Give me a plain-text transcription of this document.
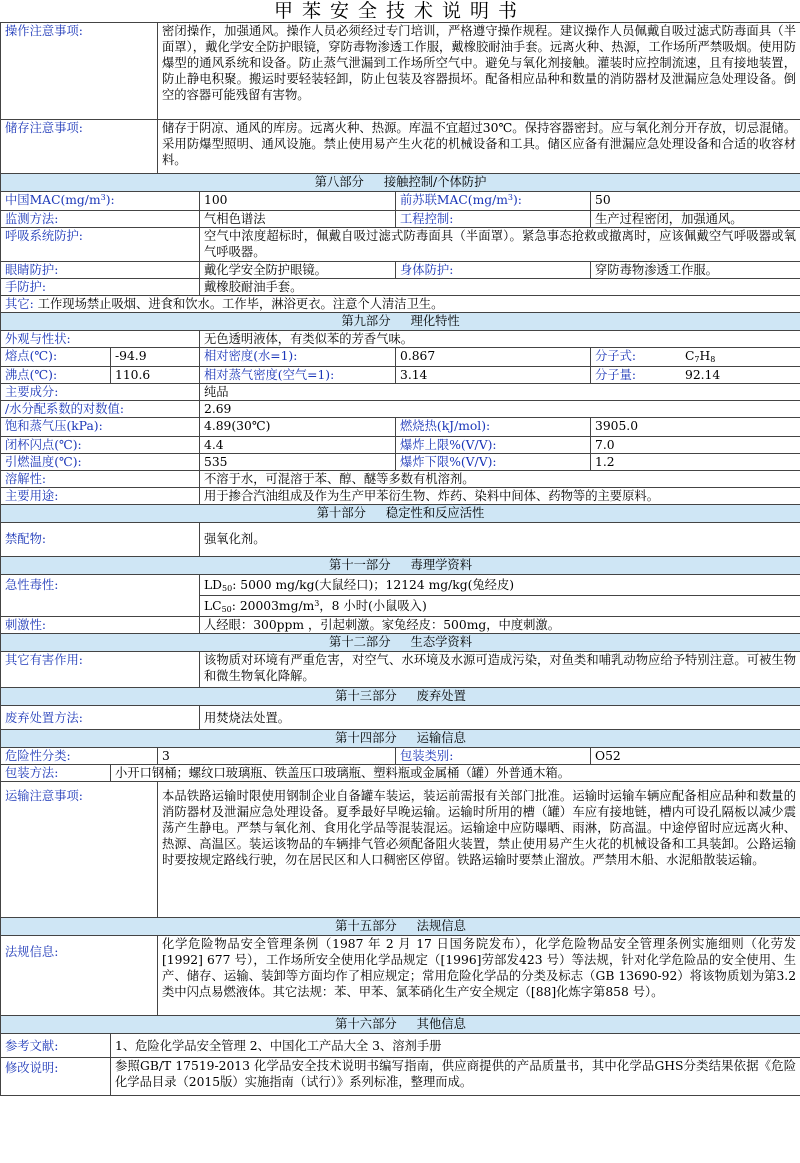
甲苯安全技术说明书
操作注意事项:		密闭操作，加强通风。操作人员必须经过专门培训，严格遵守操作规程。建议操作人员佩戴自吸过滤式防毒面具（半面罩），戴化学安全防护眼镜，穿防毒物渗透工作服，戴橡胶耐油手套。远离火种、热源，工作场所严禁吸烟。使用防爆型的通风系统和设备。防止蒸气泄漏到工作场所空气中。避免与氧化剂接触。灌装时应控制流速，且有接地装置，防止静电积聚。搬运时要轻装轻卸，防止包装及容器损坏。配备相应品种和数量的消防器材及泄漏应急处理设备。倒空的容器可能残留有害物。			
储存注意事项:		储存于阴凉、通风的库房。远离火种、热源。库温不宜超过30℃。保持容器密封。应与氧化剂分开存放，切忌混储。采用防爆型照明、通风设施。禁止使用易产生火花的机械设备和工具。储区应备有泄漏应急处理设备和合适的收容材料。			
第八部分 接触控制/个体防护					
中国$MAC(mg/m^3)$:			100	前苏联$MAC(mg/m^3)$:	50
监测方法:			气相色谱法	工程控制:	生产过程密闭，加强通风。
呼吸系统防护:			空气中浓度超标时，佩戴自吸过滤式防毒面具（半面罩）。紧急事态抢救或撤离时，应该佩戴空气呼吸器或氧气呼吸器。		
眼睛防护:			戴化学安全防护眼镜。	身体防护:	穿防毒物渗透工作服。
手防护:			戴橡胶耐油手套。		
其它: 工作现场禁止吸烟、进食和饮水。工作毕，淋浴更衣。注意个人清洁卫生。					
第九部分 理化特性					
外观与性状:			无色透明液体，有类似苯的芳香气味。		
熔点(℃):	-94.9		相对密度(水=1):	0.867	分子式: $C_7H_8$
沸点(℃):	110.6		相对蒸气密度(空气=1):	3.14	分子量: 92.14
主要成分:			纯品		
/水分配系数的对数值:			2.69		
饱和蒸气压(kPa):			4.89(30℃)	燃烧热(kJ/mol):	3905.0
闭杯闪点(℃):			4.4	爆炸上限%(V/V):	7.0
引燃温度(℃):			535	爆炸下限%(V/V):	1.2
溶解性:			不溶于水，可混溶于苯、醇、醚等多数有机溶剂。		
主要用途:			用于掺合汽油组成及作为生产甲苯衍生物、炸药、染料中间体、药物等的主要原料。		
第十部分 稳定性和反应活性					
禁配物:			强氧化剂。		
第十一部分 毒理学资料					
急性毒性:			$LD_{50}$: 5000 mg/kg(大鼠经口)；12124 mg/kg(兔经皮)		
			$LC_{50}$: $20003mg/m^3$，8 小时(小鼠吸入)		
刺激性:			人经眼：300ppm ，引起刺激。家兔经皮：500mg，中度刺激。		
第十二部分 生态学资料					
其它有害作用:			该物质对环境有严重危害，对空气、水环境及水源可造成污染，对鱼类和哺乳动物应给予特别注意。可被生物和微生物氧化降解。		
第十三部分 废弃处置					
废弃处置方法:			用焚烧法处置。		
第十四部分 运输信息					
危险性分类:		3		包装类别:	O52
包装方法:	小开口钢桶；螺纹口玻璃瓶、铁盖压口玻璃瓶、塑料瓶或金属桶（罐）外普通木箱。				
运输注意事项:		本品铁路运输时限使用钢制企业自备罐车装运，装运前需报有关部门批准。运输时运输车辆应配备相应品种和数量的消防器材及泄漏应急处理设备。夏季最好早晚运输。运输时所用的槽（罐）车应有接地链，槽内可设孔隔板以减少震荡产生静电。严禁与氧化剂、食用化学品等混装混运。运输途中应防曝晒、雨淋，防高温。中途停留时应远离火种、热源、高温区。装运该物品的车辆排气管必须配备阻火装置，禁止使用易产生火花的机械设备和工具装卸。公路运输时要按规定路线行驶，勿在居民区和人口稠密区停留。铁路运输时要禁止溜放。严禁用木船、水泥船散装运输。			
第十五部分 法规信息					
法规信息:		化学危险物品安全管理条例（1987 年 2 月 17 日国务院发布），化学危险物品安全管理条例实施细则（化劳发[1992] 677 号），工作场所安全使用化学品规定（[1996]劳部发423 号）等法规，针对化学危险品的安全使用、生产、储存、运输、装卸等方面均作了相应规定；常用危险化学品的分类及标志（GB 13690-92）将该物质划为第3.2 类中闪点易燃液体。其它法规：苯、甲苯、氯苯硝化生产安全规定（[88]化炼字第858 号）。			
第十六部分 其他信息					
参考文献:	1、危险化学品安全管理 2、中国化工产品大全 3、溶剂手册				
修改说明:	参照GB/T 17519-2013 化学品安全技术说明书编写指南，供应商提供的产品质量书，其中化学品GHS分类结果依据《危险化学品目录（2015版）实施指南（试行）》系列标准，整理而成。				
